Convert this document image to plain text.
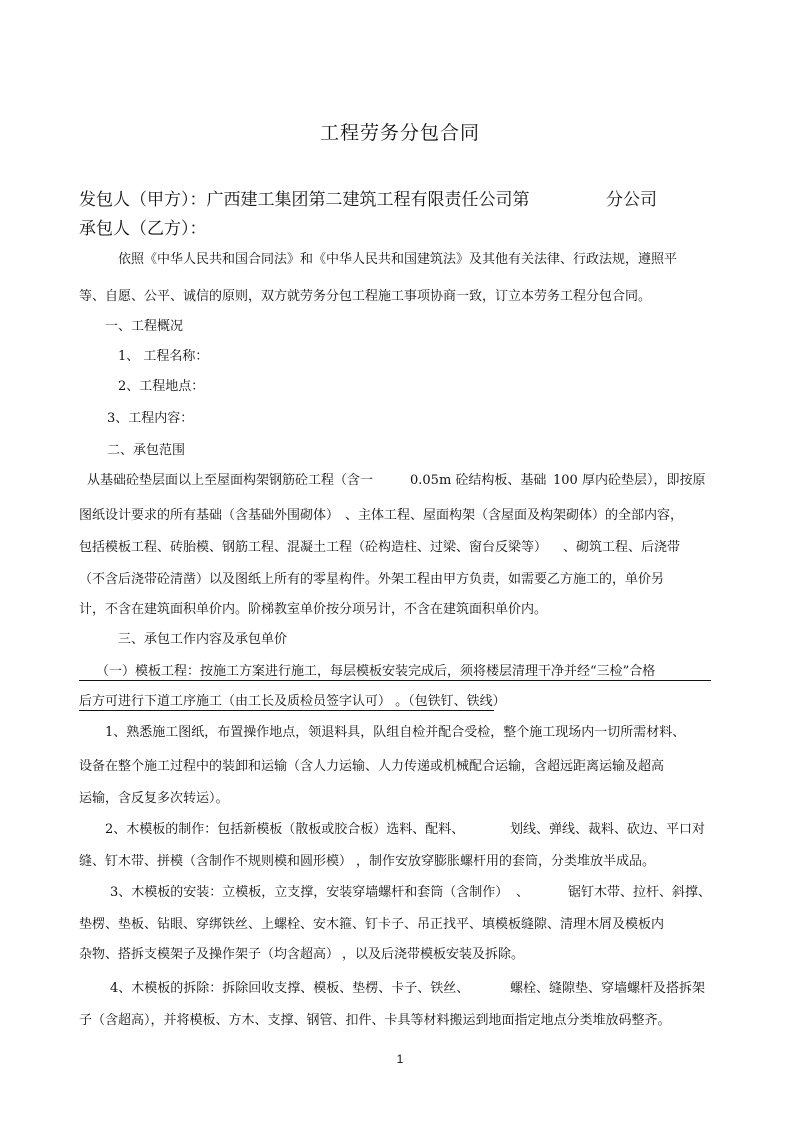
工程劳务分包合同
发包人（甲方）：广西建工集团第二建筑工程有限责任公司第	分公司
承包人（乙方）：
依照《中华人民共和国合同法》和《中华人民共和国建筑法》及其他有关法律、行政法规，遵照平
等、自愿、公平、诚信的原则，双方就劳务分包工程施工事项协商一致，订立本劳务工程分包合同。
一、工程概况
1、 工程名称：
2、工程地点：
3、工程内容：
二、承包范围
从基础砼垫层面以上至屋面构架钢筋砼工程（含一	0.05m 砼结构板、基础 100 厚内砼垫层），即按原
图纸设计要求的所有基础（含基础外围砌体） 、主体工程、屋面构架（含屋面及构架砌体）的全部内容，
包括模板工程、砖胎模、钢筋工程、混凝土工程（砼构造柱、过梁、窗台反梁等） 、砌筑工程、后浇带
（不含后浇带砼清凿）以及图纸上所有的零星构件。外架工程由甲方负责，如需要乙方施工的，单价另
计，不含在建筑面积单价内。阶梯教室单价按分项另计，不含在建筑面积单价内。
三、承包工作内容及承包单价
（一）模板工程：按施工方案进行施工，每层模板安装完成后，须将楼层清理干净并经“三检”合格
后方可进行下道工序施工（由工长及质检员签字认可） 。（包铁钉、铁线）
1、熟悉施工图纸，布置操作地点，领退料具，队组自检并配合受检，整个施工现场内一切所需材料、
设备在整个施工过程中的装卸和运输（含人力运输、人力传递或机械配合运输，含超远距离运输及超高
运输，含反复多次转运）。
2、木模板的制作：包括新模板（散板或胶合板）选料、配料、	划线、弹线、裁料、砍边、平口对
缝、钉木带、拼模（含制作不规则模和圆形模） ，制作安放穿膨胀螺杆用的套筒，分类堆放半成品。
3、木模板的安装：立模板，立支撑，安装穿墙螺杆和套筒（含制作） 、	锯钉木带、拉杆、斜撑、
垫楞、垫板、钻眼、穿绑铁丝、上螺栓、安木箍、钉卡子、吊正找平、填模板缝隙、清理木屑及模板内
杂物、搭拆支模架子及操作架子（均含超高） ，以及后浇带模板安装及拆除。
4、木模板的拆除：拆除回收支撑、模板、垫楞、卡子、铁丝、	螺栓、缝隙垫、穿墙螺杆及搭拆架
子（含超高），并将模板、方木、支撑、钢管、扣件、卡具等材料搬运到地面指定地点分类堆放码整齐。
1
